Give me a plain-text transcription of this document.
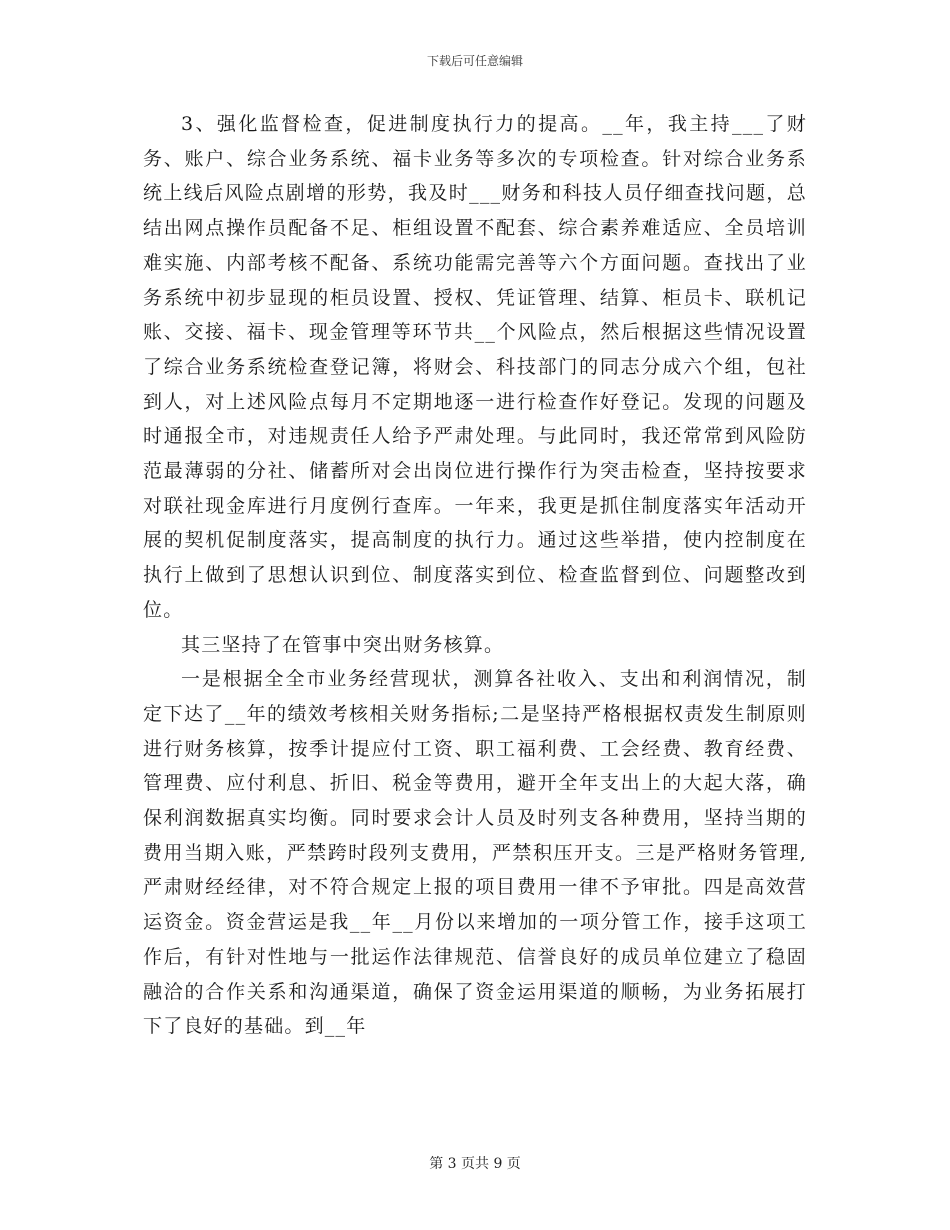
下载后可任意编辑

3、强化监督检查，促进制度执行力的提高。__年，我主持___了财务、账户、综合业务系统、福卡业务等多次的专项检查。针对综合业务系统上线后风险点剧增的形势，我及时___财务和科技人员仔细查找问题，总结出网点操作员配备不足、柜组设置不配套、综合素养难适应、全员培训难实施、内部考核不配备、系统功能需完善等六个方面问题。查找出了业务系统中初步显现的柜员设置、授权、凭证管理、结算、柜员卡、联机记账、交接、福卡、现金管理等环节共__个风险点，然后根据这些情况设置了综合业务系统检查登记簿，将财会、科技部门的同志分成六个组，包社到人，对上述风险点每月不定期地逐一进行检查作好登记。发现的问题及时通报全市，对违规责任人给予严肃处理。与此同时，我还常常到风险防范最薄弱的分社、储蓄所对会出岗位进行操作行为突击检查，坚持按要求对联社现金库进行月度例行查库。一年来，我更是抓住制度落实年活动开展的契机促制度落实，提高制度的执行力。通过这些举措，使内控制度在执行上做到了思想认识到位、制度落实到位、检查监督到位、问题整改到位。

其三坚持了在管事中突出财务核算。

一是根据全全市业务经营现状，测算各社收入、支出和利润情况，制定下达了__年的绩效考核相关财务指标;二是坚持严格根据权责发生制原则进行财务核算，按季计提应付工资、职工福利费、工会经费、教育经费、管理费、应付利息、折旧、税金等费用，避开全年支出上的大起大落，确保利润数据真实均衡。同时要求会计人员及时列支各种费用，坚持当期的费用当期入账，严禁跨时段列支费用，严禁积压开支。三是严格财务管理,严肃财经经律，对不符合规定上报的项目费用一律不予审批。四是高效营运资金。资金营运是我__年__月份以来增加的一项分管工作，接手这项工作后，有针对性地与一批运作法律规范、信誉良好的成员单位建立了稳固融洽的合作关系和沟通渠道，确保了资金运用渠道的顺畅，为业务拓展打下了良好的基础。到__年

第 3 页共 9 页
